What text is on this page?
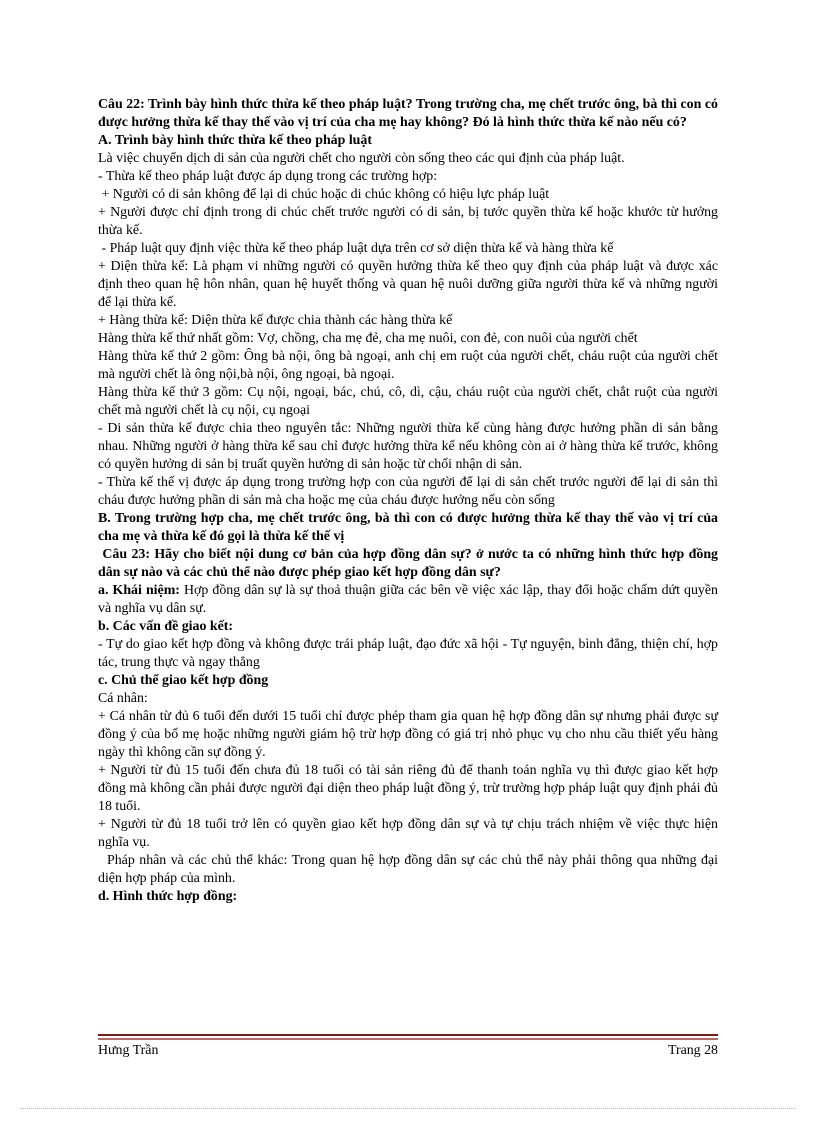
Câu 22: Trình bày hình thức thừa kế theo pháp luật? Trong trường cha, mẹ chết trước ông, bà thì con có được hưởng thừa kế thay thế vào vị trí của cha mẹ hay không? Đó là hình thức thừa kế nào nếu có?

A. Trình bày hình thức thừa kế theo pháp luật

Là việc chuyển dịch di sản của người chết cho người còn sống theo các qui định của pháp luật.

- Thừa kế theo pháp luật được áp dụng trong các trường hợp:

+ Người có di sản không để lại di chúc hoặc di chúc không có hiệu lực pháp luật

+ Người được chỉ định trong di chúc chết trước người có di sản, bị tước quyền thừa kế hoặc khước từ hưởng thừa kế.

- Pháp luật quy định việc thừa kế theo pháp luật dựa trên cơ sở diện thừa kế và hàng thừa kế

+ Diện thừa kế: Là phạm vi những người có quyền hưởng thừa kế theo quy định của pháp luật và được xác định theo quan hệ hôn nhân, quan hệ huyết thống và quan hệ nuôi dưỡng giữa người thừa kế và những người để lại thừa kế.

+ Hàng thừa kế: Diện thừa kế được chia thành các hàng thừa kế

Hàng thừa kế thứ nhất gồm: Vợ, chồng, cha mẹ đẻ, cha mẹ nuôi, con đẻ, con nuôi của người chết

Hàng thừa kế thứ 2 gồm: Ông bà nội, ông bà ngoại, anh chị em ruột của người chết, cháu ruột của người chết mà người chết là ông nội,bà nội, ông ngoại, bà ngoại.

Hàng thừa kế thứ 3 gồm: Cụ nội, ngoại, bác, chú, cô, dì, cậu, cháu ruột của người chết, chắt ruột của người chết mà người chết là cụ nội, cụ ngoại

- Di sản thừa kế được chia theo nguyên tắc: Những người thừa kế cùng hàng được hưởng phần di sản bằng nhau. Những người ở hàng thừa kế sau chỉ được hưởng thừa kế nếu không còn ai ở hàng thừa kế trước, không có quyền hưởng di sản bị truất quyền hưởng di sản hoặc từ chối nhận di sản.

- Thừa kế thế vị được áp dụng trong trường hợp con của người để lại di sản chết trước người để lại di sản thì cháu được hưởng phần di sản mà cha hoặc mẹ của cháu được hưởng nếu còn sống

B. Trong trường hợp cha, mẹ chết trước ông, bà thì con có được hưởng thừa kế thay thế vào vị trí của cha mẹ và thừa kế đó gọi là thừa kế thế vị

Câu 23: Hãy cho biết nội dung cơ bản của hợp đồng dân sự? ở nước ta có những hình thức hợp đồng dân sự nào và các chủ thể nào được phép giao kết hợp đồng dân sự?

a. Khái niệm: Hợp đồng dân sự là sự thoả thuận giữa các bên về việc xác lập, thay đổi hoặc chấm dứt quyền và nghĩa vụ dân sự.

b. Các vấn đề giao kết:

- Tự do giao kết hợp đồng và không được trái pháp luật, đạo đức xã hội - Tự nguyện, bình đẳng, thiện chí, hợp tác, trung thực và ngay thẳng

c. Chủ thể giao kết hợp đồng

Cá nhân:

+ Cá nhân từ đủ 6 tuổi đến dưới 15 tuổi chỉ được phép tham gia quan hệ hợp đồng dân sự nhưng phải được sự đồng ý của bố mẹ hoặc những người giám hộ trừ hợp đồng có giá trị nhỏ phục vụ cho nhu cầu thiết yếu hàng ngày thì không cần sự đồng ý.

+ Người từ đủ 15 tuổi đến chưa đủ 18 tuổi có tài sản riêng đủ để thanh toán nghĩa vụ thì được giao kết hợp đồng mà không cần phải được người đại diện theo pháp luật đồng ý, trừ trường hợp pháp luật quy định phải đủ 18 tuổi.

+ Người từ đủ 18 tuổi trở lên có quyền giao kết hợp đồng dân sự và tự chịu trách nhiệm về việc thực hiện nghĩa vụ.

Pháp nhân và các chủ thể khác: Trong quan hệ hợp đồng dân sự các chủ thể này phải thông qua những đại diện hợp pháp của mình.

d. Hình thức hợp đồng:

Hưng Trần	Trang 28
